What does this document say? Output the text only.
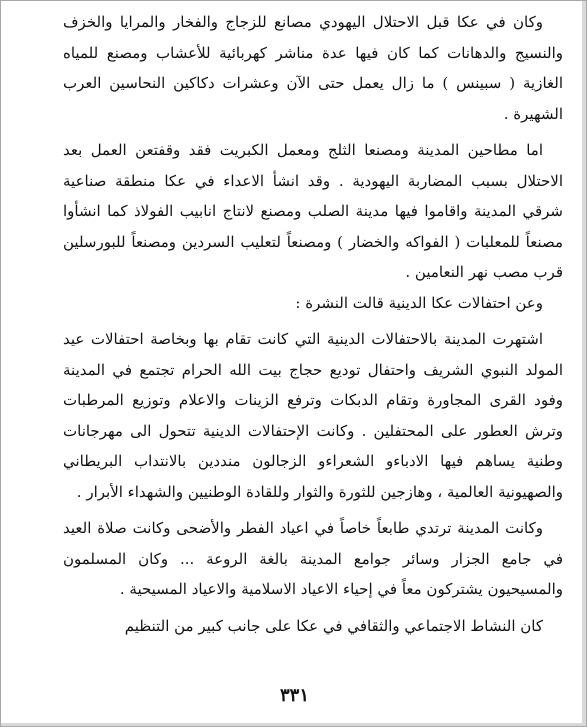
وكان في عكا قبل الاحتلال اليهودي مصانع للزجاج والفخار والمرايا والخزف والنسيج والدهانات كما كان فيها عدة مناشر كهربائية للأعشاب ومصنع للمياه الغازية ( سبينس ) ما زال يعمل حتى الآن وعشرات دكاكين النحاسين العرب الشهيرة .

اما مطاحين المدينة ومصنعا الثلج ومعمل الكبريت فقد وقفتعن العمل بعد الاحتلال بسبب المضاربة اليهودية . وقد انشأ الاعداء في عكا منطقة صناعية شرقي المدينة واقاموا فيها مدينة الصلب ومصنع لانتاج انابيب الفولاذ كما انشأوا مصنعاً للمعلبات ( الفواكه والخضار ) ومصنعاً لتعليب السردين ومصنعاً للبورسلين قرب مصب نهر النعامين .

وعن احتفالات عكا الدينية قالت النشرة :

اشتهرت المدينة بالاحتفالات الدينية التي كانت تقام بها وبخاصة احتفالات عيد المولد النبوي الشريف واحتفال توديع حجاج بيت الله الحرام تجتمع في المدينة وفود القرى المجاورة وتقام الدبكات وترفع الزينات والاعلام وتوزيع المرطبات وترش العطور على المحتفلين . وكانت الإحتفالات الدينية تتحول الى مهرجانات وطنية يساهم فيها الادباءو الشعراءو الزجالون منددين بالانتداب البريطاني والصهيونية العالمية ، وهازجين للثورة والثوار وللقادة الوطنيين والشهداء الأبرار .

وكانت المدينة ترتدي طابعاً خاصاً في اعياد الفطر والأضحى وكانت صلاة العيد في جامع الجزار وسائر جوامع المدينة بالغة الروعة ... وكان المسلمون والمسيحيون يشتركون معاً في إحياء الاعياد الاسلامية والاعياد المسيحية .

كان النشاط الاجتماعي والثقافي في عكا على جانب كبير من التنظيم

٣٣١
